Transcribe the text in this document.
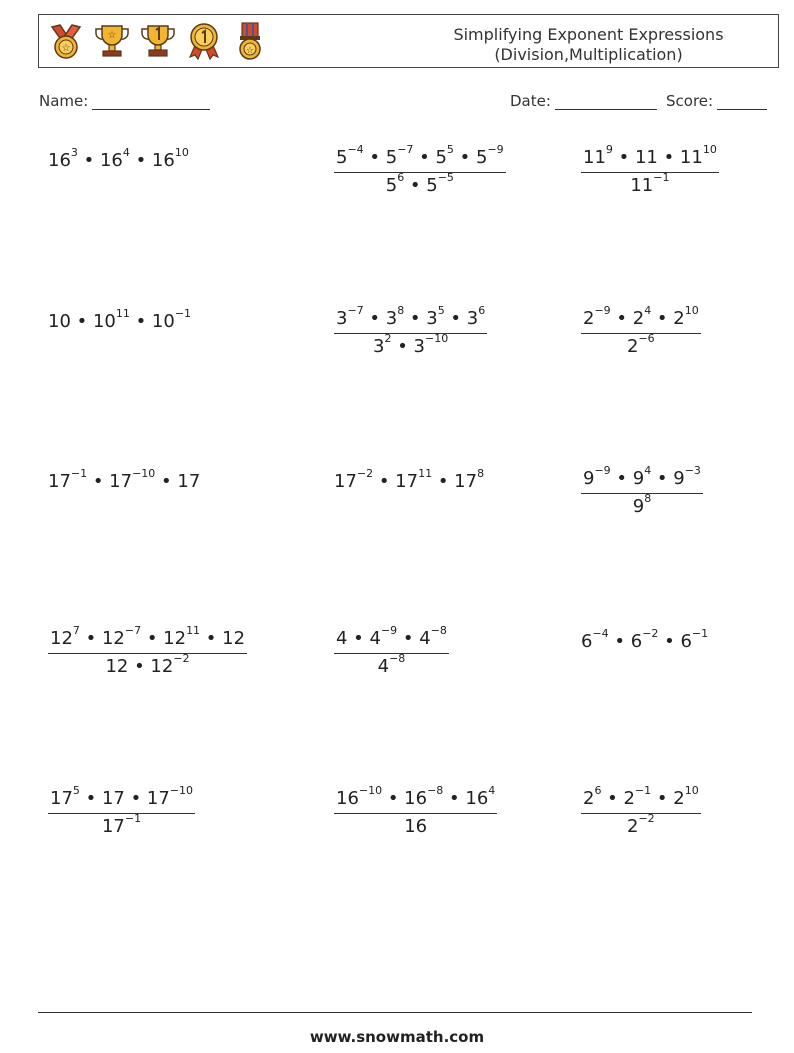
☆
☆
☆
Simplifying Exponent Expressions
(Division,Multiplication)
Name:	Date:	Score:
$16^3$ • $16^4$ • $16^{10}$	$\frac{5^{-4} • 5^{-7} • 5^5 • 5^{-9}}{5^6 • 5^{-5}}$	$\frac{11^9 • 11 • 11^{10}}{11^{-1}}$
10 • $10^{11}$ • $10^{-1}$	$\frac{3^{-7} • 3^8 • 3^5 • 3^6}{3^2 • 3^{-10}}$	$\frac{2^{-9} • 2^4 • 2^{10}}{2^{-6}}$
$17^{-1}$ • $17^{-10}$ • 17	$17^{-2}$ • $17^{11}$ • $17^8$	$\frac{9^{-9} • 9^4 • 9^{-3}}{9^8}$
$\frac{12^7 • 12^{-7} • 12^{11} • 12}{12 • 12^{-2}}$	$\frac{4 • 4^{-9} • 4^{-8}}{4^{-8}}$	$6^{-4}$ • $6^{-2}$ • $6^{-1}$
$\frac{17^5 • 17 • 17^{-10}}{17^{-1}}$	$\frac{16^{-10} • 16^{-8} • 16^4}{16}$	$\frac{2^6 • 2^{-1} • 2^{10}}{2^{-2}}$
www.snowmath.com
